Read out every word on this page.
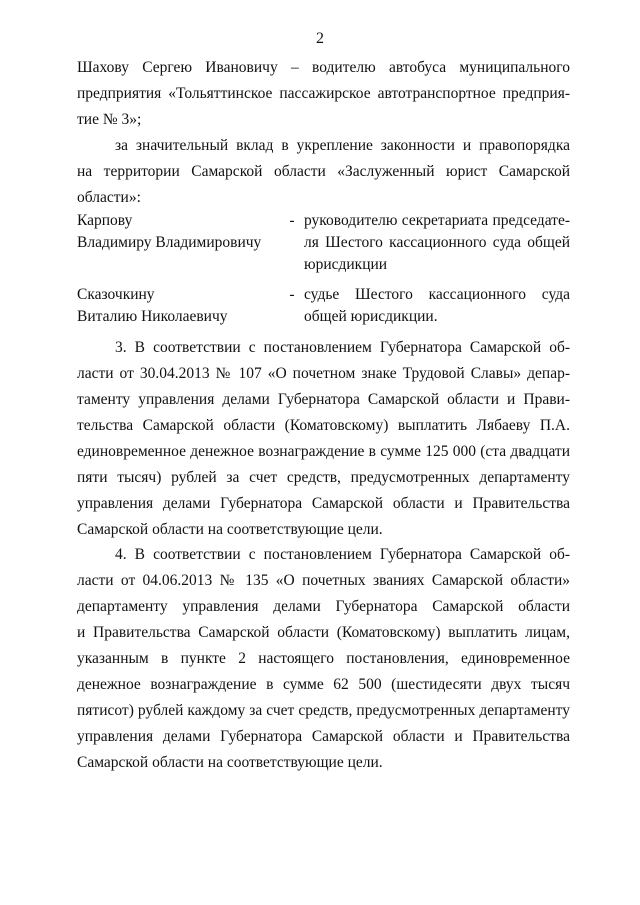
2
Шахову Сергею Ивановичу – водителю автобуса муниципального
предприятия «Тольяттинское пассажирское автотранспортное предприя-
тие № 3»;
за значительный вклад в укрепление законности и правопорядка
на территории Самарской области «Заслуженный юрист Самарской
области»:
Карпову
Владимиру Владимировичу
- руководителю секретариата председате-
ля Шестого кассационного суда общей
юрисдикции
Сказочкину
Виталию Николаевичу
- судье Шестого кассационного суда
общей юрисдикции.
3. В соответствии с постановлением Губернатора Самарской об-
ласти от 30.04.2013 № 107 «О почетном знаке Трудовой Славы» депар-
таменту управления делами Губернатора Самарской области и Прави-
тельства Самарской области (Коматовскому) выплатить Лябаеву П.А.
единовременное денежное вознаграждение в сумме 125 000 (ста двадцати
пяти тысяч) рублей за счет средств, предусмотренных департаменту
управления делами Губернатора Самарской области и Правительства
Самарской области на соответствующие цели.
4. В соответствии с постановлением Губернатора Самарской об-
ласти от 04.06.2013 № 135 «О почетных званиях Самарской области»
департаменту управления делами Губернатора Самарской области
и Правительства Самарской области (Коматовскому) выплатить лицам,
указанным в пункте 2 настоящего постановления, единовременное
денежное вознаграждение в сумме 62 500 (шестидесяти двух тысяч
пятисот) рублей каждому за счет средств, предусмотренных департаменту
управления делами Губернатора Самарской области и Правительства
Самарской области на соответствующие цели.
